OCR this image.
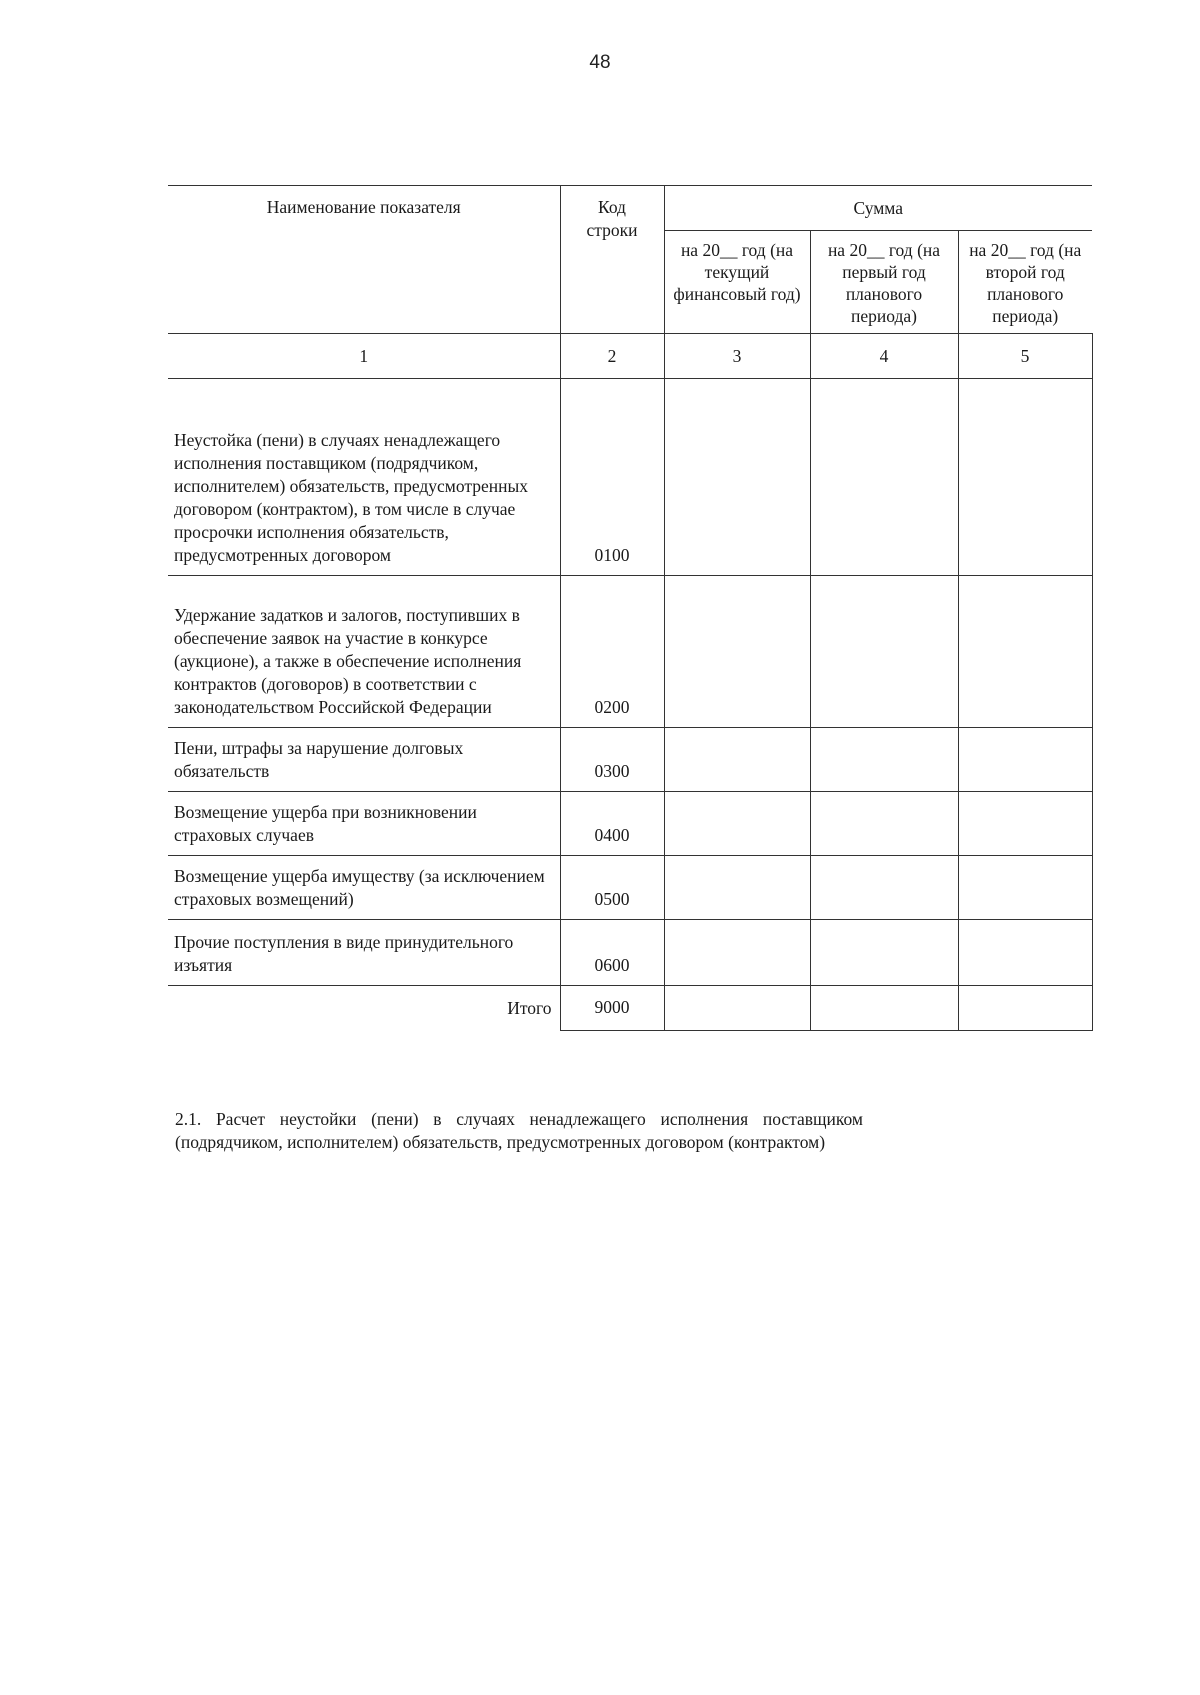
48
Наименование показателя	Код строки	Сумма		
		на 20__ год (на текущий финансовый год)	на 20__ год (на первый год планового периода)	на 20__ год (на второй год планового периода)
1	2	3	4	5
Неустойка (пени) в случаях ненадлежащего исполнения поставщиком (подрядчиком, исполнителем) обязательств, предусмотренных договором (контрактом), в том числе в случае просрочки исполнения обязательств, предусмотренных договором	0100			
Удержание задатков и залогов, поступивших в обеспечение заявок на участие в конкурсе (аукционе), а также в обеспечение исполнения контрактов (договоров) в соответствии с законодательством Российской Федерации	0200			
Пени, штрафы за нарушение долговых обязательств	0300			
Возмещение ущерба при возникновении страховых случаев	0400			
Возмещение ущерба имуществу (за исключением страховых возмещений)	0500			
Прочие поступления в виде принудительного изъятия	0600			
Итого	9000			
2.1. Расчет неустойки (пени) в случаях ненадлежащего исполнения поставщиком (подрядчиком, исполнителем) обязательств, предусмотренных договором (контрактом)
